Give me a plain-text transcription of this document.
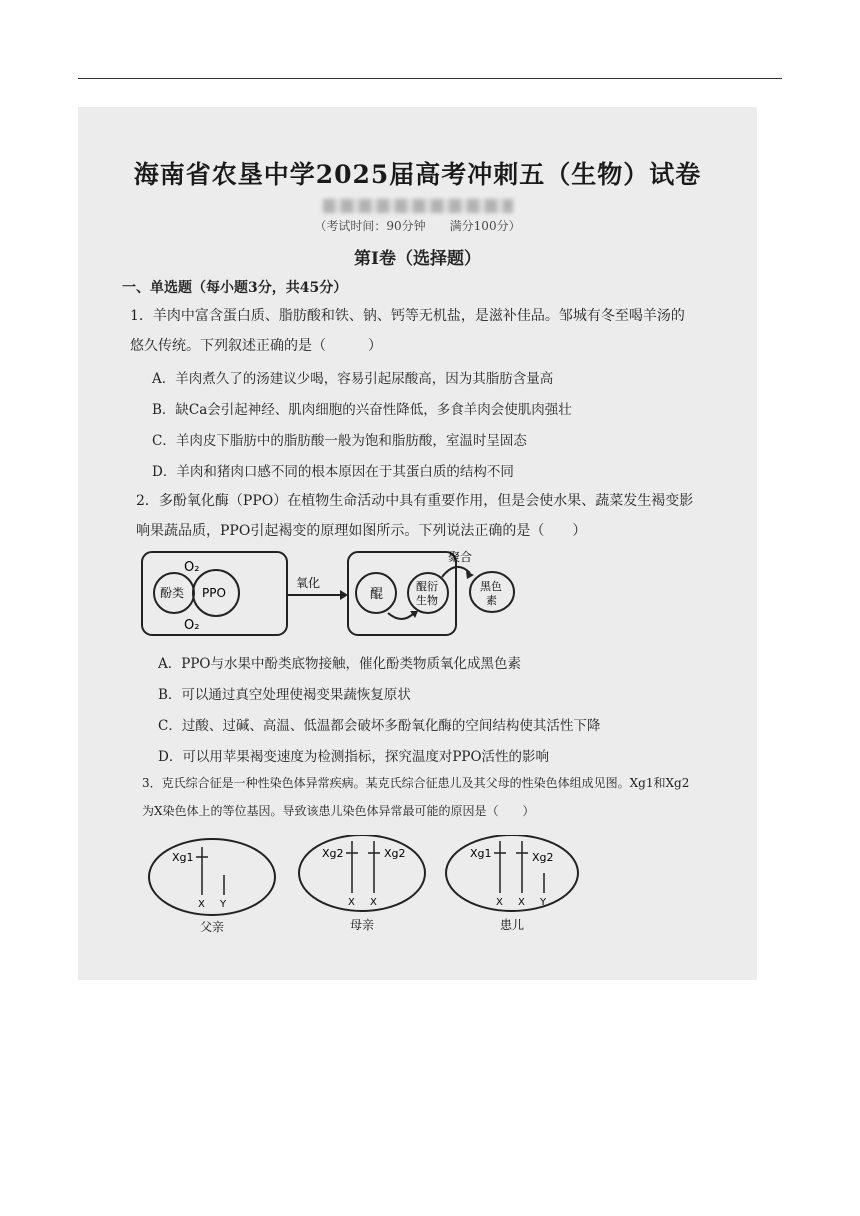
海南省农垦中学2025届高考冲刺五（生物）试卷
（考试时间：90分钟　　满分100分）
第Ⅰ卷（选择题）
一、单选题（每小题3分，共45分）
1．羊肉中富含蛋白质、脂肪酸和铁、钠、钙等无机盐，是滋补佳品。邹城有冬至喝羊汤的
悠久传统。下列叙述正确的是（　　　）
A．羊肉煮久了的汤建议少喝，容易引起尿酸高，因为其脂肪含量高
B．缺Ca会引起神经、肌肉细胞的兴奋性降低，多食羊肉会使肌肉强壮
C．羊肉皮下脂肪中的脂肪酸一般为饱和脂肪酸，室温时呈固态
D．羊肉和猪肉口感不同的根本原因在于其蛋白质的结构不同
2．多酚氧化酶（PPO）在植物生命活动中具有重要作用，但是会使水果、蔬菜发生褐变影
响果蔬品质，PPO引起褐变的原理如图所示。下列说法正确的是（　　）
O₂
酚类 PPO
O₂
氧化
醌
醌衍
生物
聚合
黑色
素
A．PPO与水果中酚类底物接触，催化酚类物质氧化成黑色素
B．可以通过真空处理使褐变果蔬恢复原状
C．过酸、过碱、高温、低温都会破坏多酚氧化酶的空间结构使其活性下降
D．可以用苹果褐变速度为检测指标，探究温度对PPO活性的影响
3．克氏综合征是一种性染色体异常疾病。某克氏综合征患儿及其父母的性染色体组成见图。Xg1和Xg2
为X染色体上的等位基因。导致该患儿染色体异常最可能的原因是（　　）
Xg1
X Y
Xg2	Xg2
X X
Xg1	Xg2
X X Y
父亲	母亲	患儿
